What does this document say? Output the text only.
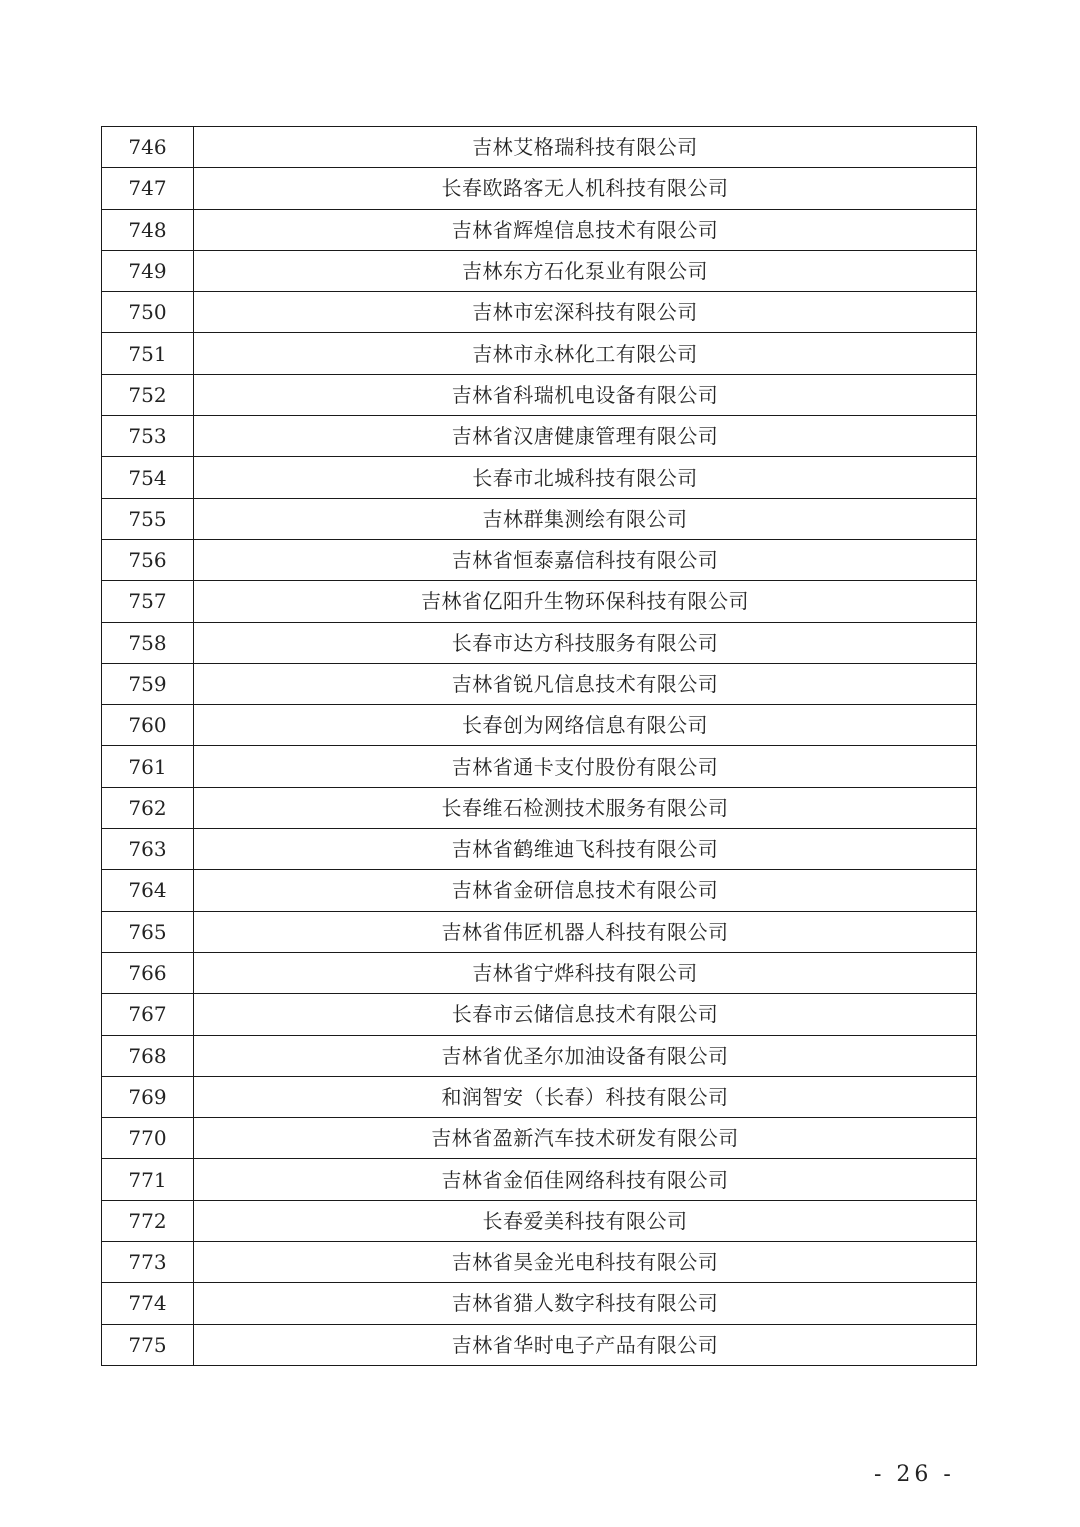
746	吉林艾格瑞科技有限公司
747	长春欧路客无人机科技有限公司
748	吉林省辉煌信息技术有限公司
749	吉林东方石化泵业有限公司
750	吉林市宏深科技有限公司
751	吉林市永林化工有限公司
752	吉林省科瑞机电设备有限公司
753	吉林省汉唐健康管理有限公司
754	长春市北城科技有限公司
755	吉林群集测绘有限公司
756	吉林省恒泰嘉信科技有限公司
757	吉林省亿阳升生物环保科技有限公司
758	长春市达方科技服务有限公司
759	吉林省锐凡信息技术有限公司
760	长春创为网络信息有限公司
761	吉林省通卡支付股份有限公司
762	长春维石检测技术服务有限公司
763	吉林省鹤维迪飞科技有限公司
764	吉林省金研信息技术有限公司
765	吉林省伟匠机器人科技有限公司
766	吉林省宁烨科技有限公司
767	长春市云储信息技术有限公司
768	吉林省优圣尔加油设备有限公司
769	和润智安（长春）科技有限公司
770	吉林省盈新汽车技术研发有限公司
771	吉林省金佰佳网络科技有限公司
772	长春爱美科技有限公司
773	吉林省昊金光电科技有限公司
774	吉林省猎人数字科技有限公司
775	吉林省华时电子产品有限公司
- 26 -
